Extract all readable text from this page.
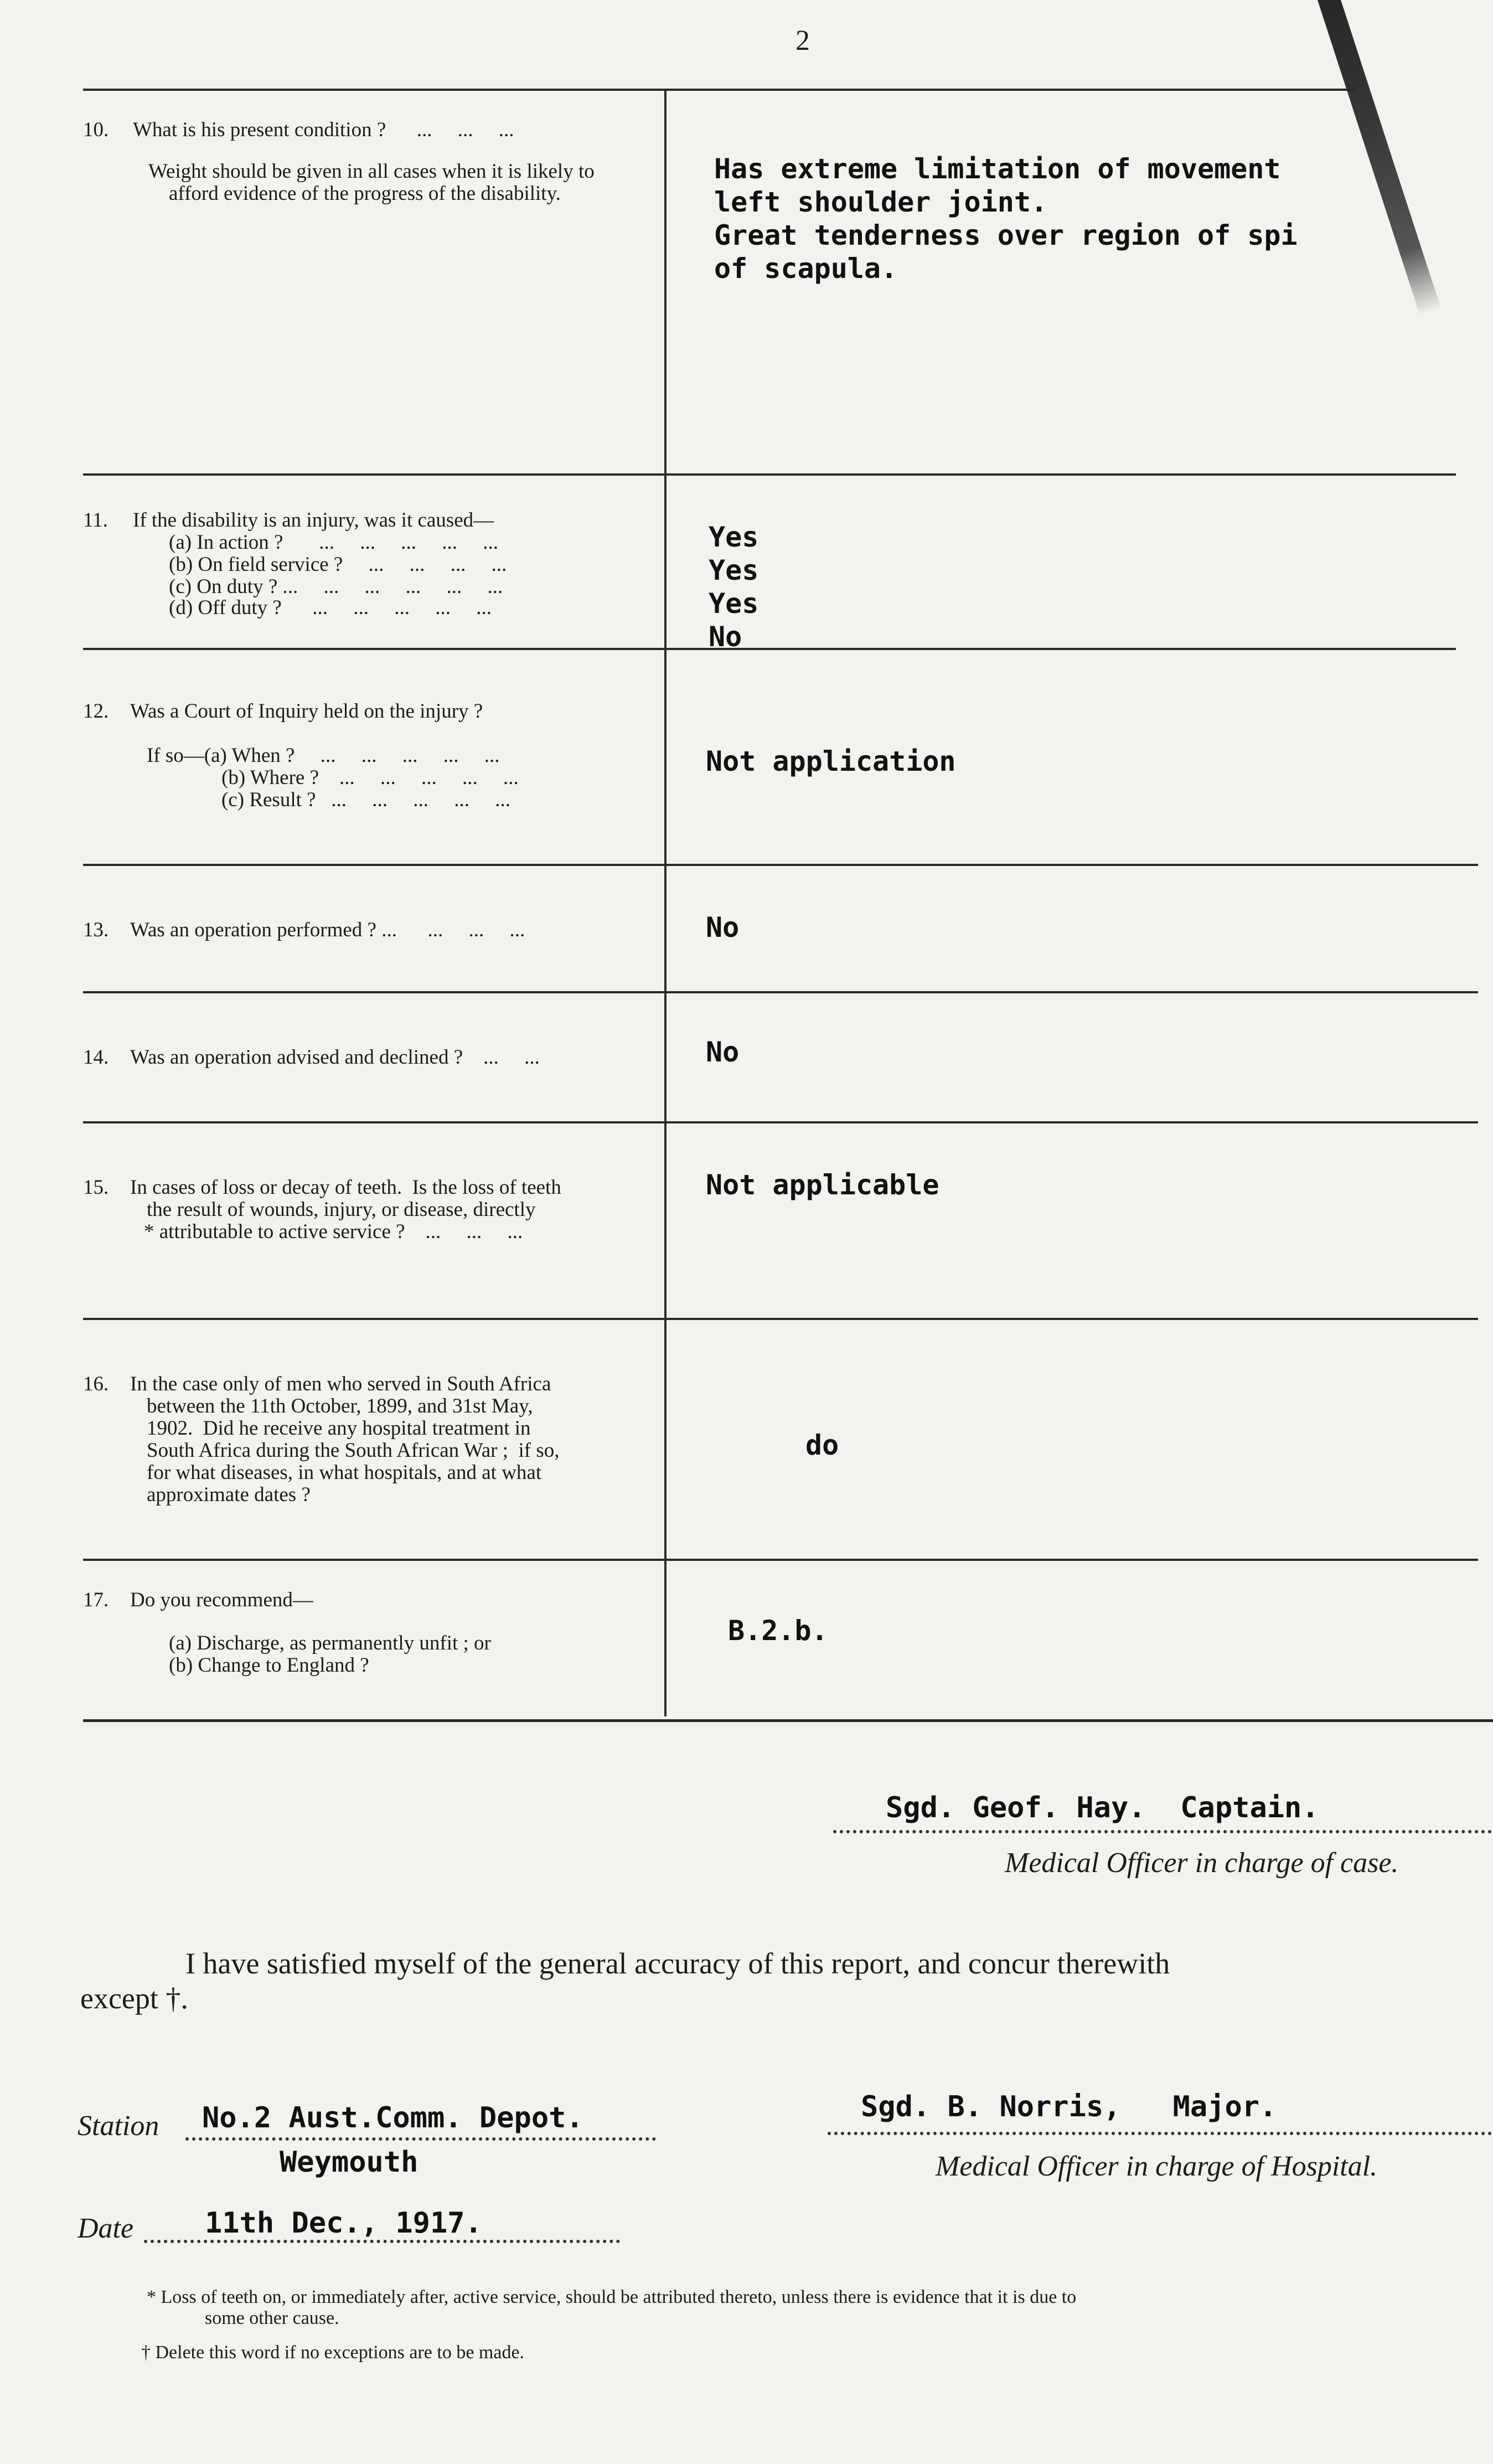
2
10. What is his present condition ?      ...     ...     ...
Weight should be given in all cases when it is likely to
afford evidence of the progress of the disability.
Has extreme limitation of movement
left shoulder joint.
Great tenderness over region of spi
of scapula.
11. If the disability is an injury, was it caused—
(a) In action ?       ...     ...     ...     ...     ...
(b) On field service ?     ...     ...     ...     ...
(c) On duty ? ...     ...     ...     ...     ...     ...
(d) Off duty ?      ...     ...     ...     ...     ...
Yes
Yes
Yes
No
12. Was a Court of Inquiry held on the injury ?
If so—(a) When ?     ...     ...     ...     ...     ...
(b) Where ?    ...     ...     ...     ...     ...
(c) Result ?   ...     ...     ...     ...     ...
Not application
13. Was an operation performed ? ...      ...     ...     ...	No
14. Was an operation advised and declined ?    ...     ...	No
15. In cases of loss or decay of teeth.  Is the loss of teeth
the result of wounds, injury, or disease, directly
* attributable to active service ?    ...     ...     ...
Not applicable
16. In the case only of men who served in South Africa
between the 11th October, 1899, and 31st May,
1902.  Did he receive any hospital treatment in
South Africa during the South African War ;  if so,
for what diseases, in what hospitals, and at what
approximate dates ?
do
17. Do you recommend—
(a) Discharge, as permanently unfit ; or
(b) Change to England ?
B.2.b.
Sgd. Geof. Hay.  Captain.
Medical Officer in charge of case.
I have satisfied myself of the general accuracy of this report, and concur therewith
except †.
Station No.2 Aust.Comm. Depot.
Weymouth
Date 11th Dec., 1917.
Sgd. B. Norris,   Major.
Medical Officer in charge of Hospital.
* Loss of teeth on, or immediately after, active service, should be attributed thereto, unless there is evidence that it is due to
some other cause.
† Delete this word if no exceptions are to be made.
